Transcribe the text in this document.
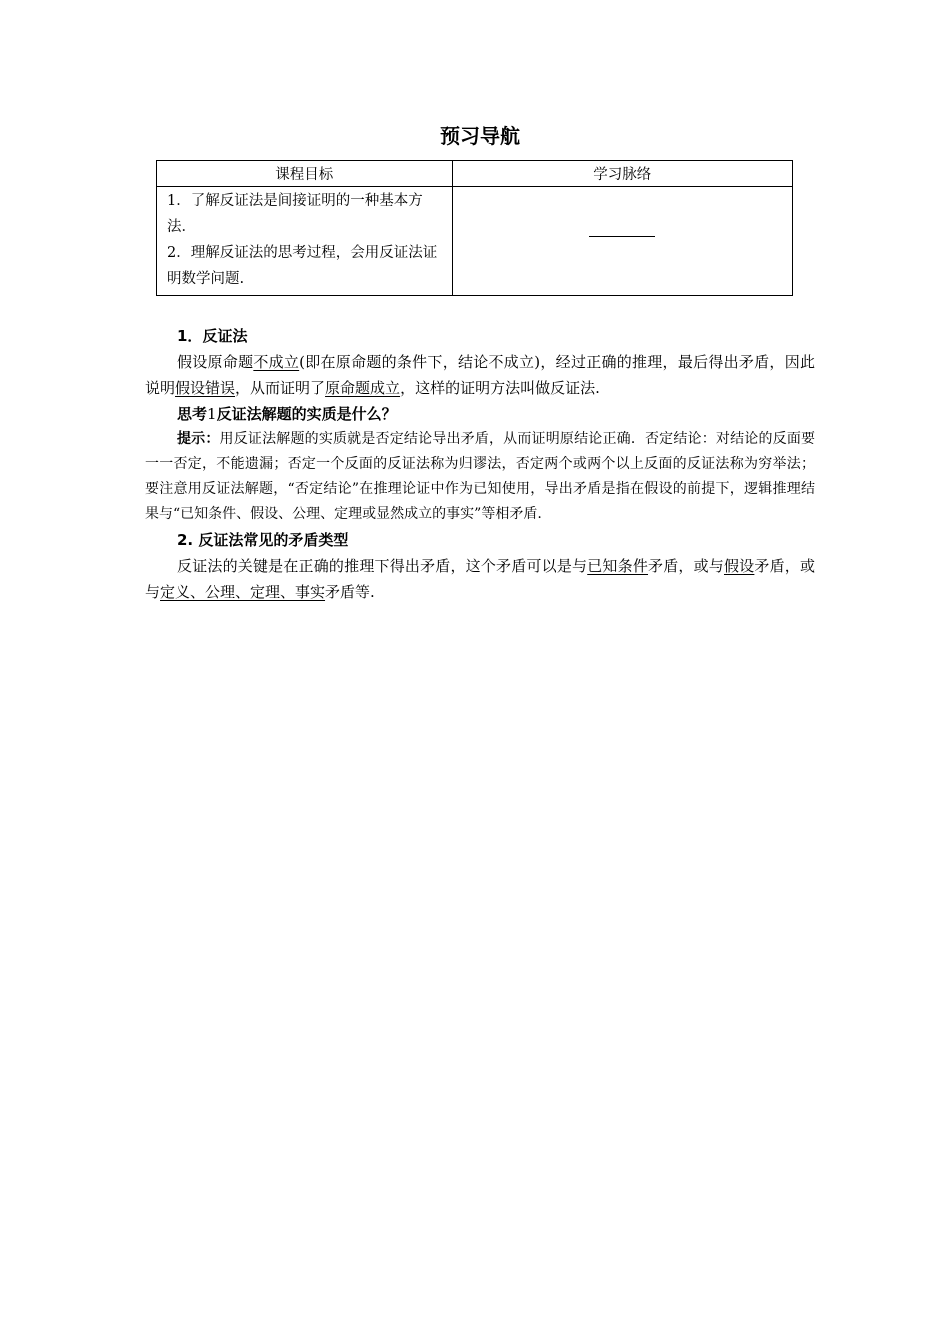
预习导航
课程目标	学习脉络

1．了解反证法是间接证明的一种基本方法．
2．理解反证法的思考过程，会用反证法证明数学问题.	

1．反证法

假设原命题不成立(即在原命题的条件下，结论不成立)，经过正确的推理，最后得出矛盾，因此说明假设错误，从而证明了原命题成立，这样的证明方法叫做反证法.

思考1反证法解题的实质是什么？

提示：用反证法解题的实质就是否定结论导出矛盾，从而证明原结论正确．否定结论：对结论的反面要一一否定，不能遗漏；否定一个反面的反证法称为归谬法，否定两个或两个以上反面的反证法称为穷举法；要注意用反证法解题，“否定结论”在推理论证中作为已知使用，导出矛盾是指在假设的前提下，逻辑推理结果与“已知条件、假设、公理、定理或显然成立的事实”等相矛盾.

2. 反证法常见的矛盾类型

反证法的关键是在正确的推理下得出矛盾，这个矛盾可以是与已知条件矛盾，或与假设矛盾，或与定义、公理、定理、事实矛盾等.
